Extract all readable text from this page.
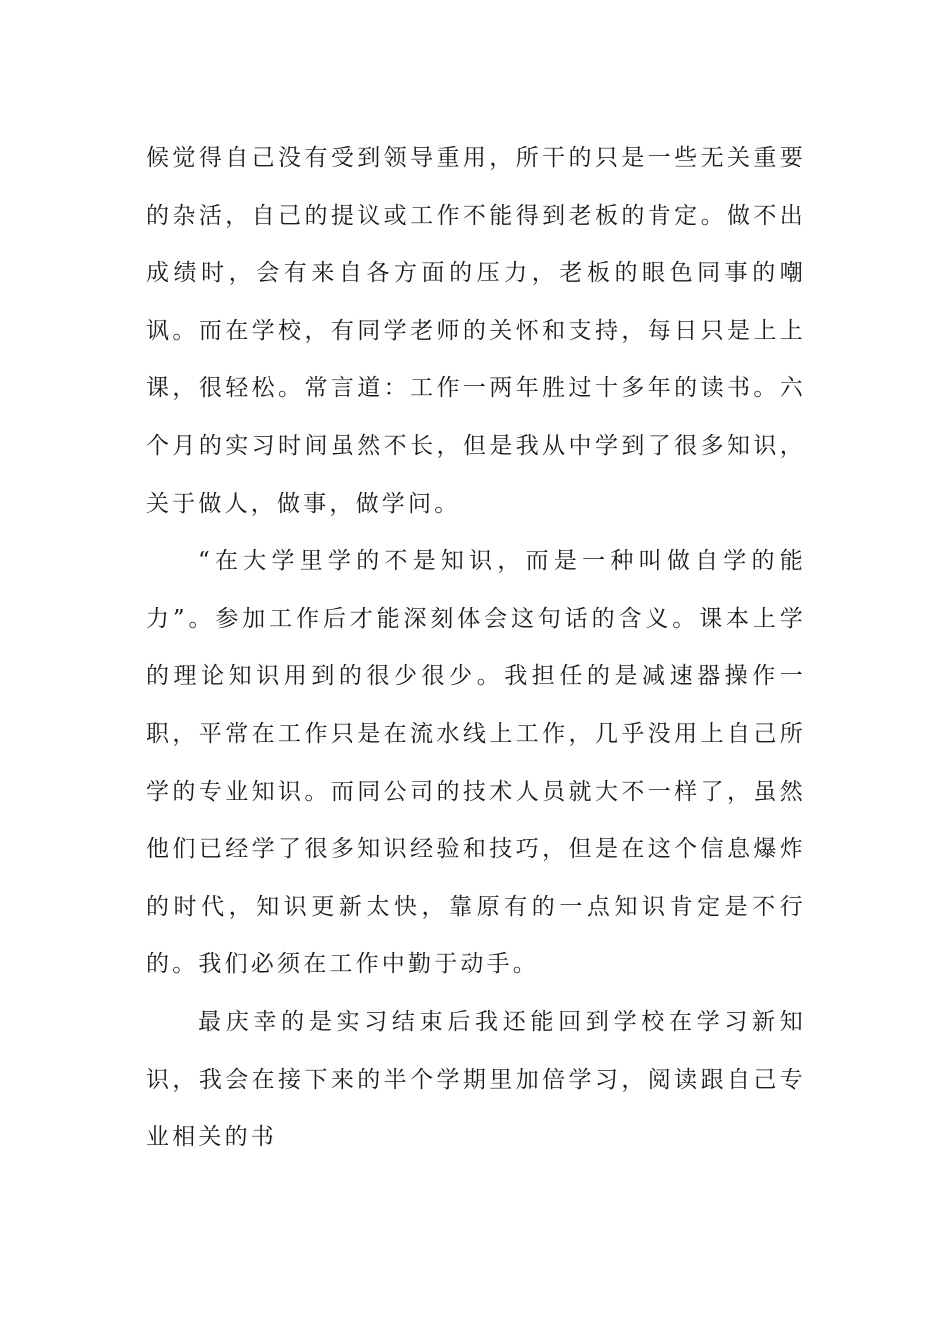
候觉得自己没有受到领导重用，所干的只是一些无关重要的杂活，自己的提议或工作不能得到老板的肯定。做不出成绩时，会有来自各方面的压力，老板的眼色同事的嘲讽。而在学校，有同学老师的关怀和支持，每日只是上上课，很轻松。常言道：工作一两年胜过十多年的读书。六个月的实习时间虽然不长，但是我从中学到了很多知识，关于做人，做事，做学问。

“在大学里学的不是知识，而是一种叫做自学的能力”。参加工作后才能深刻体会这句话的含义。课本上学的理论知识用到的很少很少。我担任的是减速器操作一职，平常在工作只是在流水线上工作，几乎没用上自己所学的专业知识。而同公司的技术人员就大不一样了，虽然他们已经学了很多知识经验和技巧，但是在这个信息爆炸的时代，知识更新太快，靠原有的一点知识肯定是不行的。我们必须在工作中勤于动手。

最庆幸的是实习结束后我还能回到学校在学习新知识，我会在接下来的半个学期里加倍学习，阅读跟自己专业相关的书
